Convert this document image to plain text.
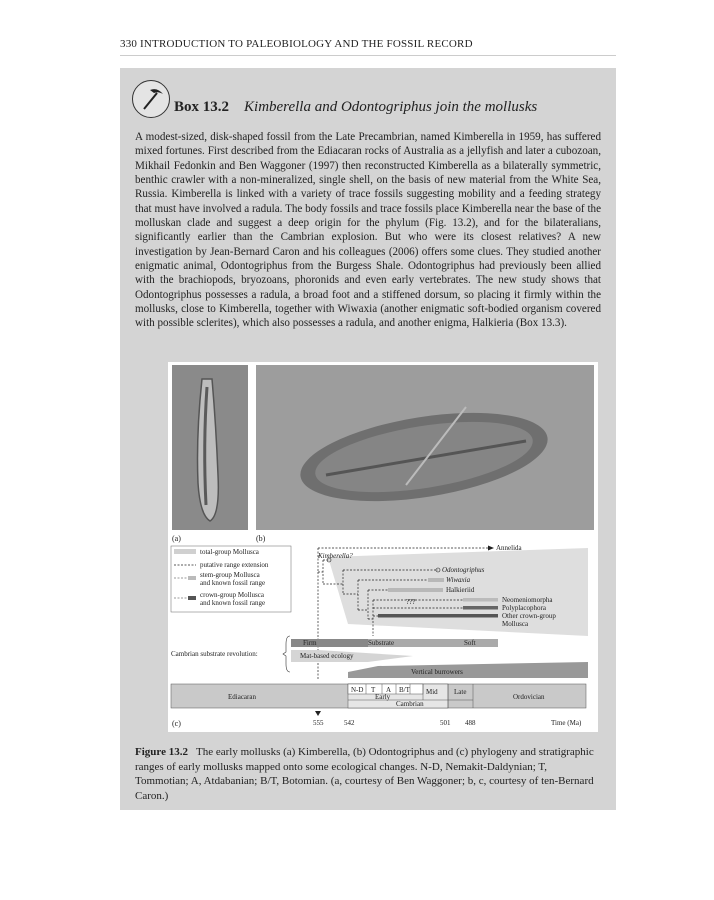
330 INTRODUCTION TO PALEOBIOLOGY AND THE FOSSIL RECORD
Box 13.2 Kimberella and Odontogriphus join the mollusks
A modest-sized, disk-shaped fossil from the Late Precambrian, named Kimberella in 1959, has suffered mixed fortunes. First described from the Ediacaran rocks of Australia as a jellyfish and later a cubozoan, Mikhail Fedonkin and Ben Waggoner (1997) then reconstructed Kimberella as a bilaterally symmetric, benthic crawler with a non-mineralized, single shell, on the basis of new material from the White Sea, Russia. Kimberella is linked with a variety of trace fossils suggesting mobility and a feeding strategy that must have involved a radula. The body fossils and trace fossils place Kimberella near the base of the molluskan clade and suggest a deep origin for the phylum (Fig. 13.2), and for the bilateralians, significantly earlier than the Cambrian explosion. But who were its closest relatives? A new investigation by Jean-Bernard Caron and his colleagues (2006) offers some clues. They studied another enigmatic animal, Odontogriphus from the Burgess Shale. Odontogriphus had previously been allied with the brachiopods, bryozoans, phoronids and even early vertebrates. The new study shows that Odontogriphus possesses a radula, a broad foot and a stiffened dorsum, so placing it firmly within the mollusks, close to Kimberella, together with Wiwaxia (another enigmatic soft-bodied organism covered with possible sclerites), which also possesses a radula, and another enigma, Halkieria (Box 13.3).
(a)	(b)
(c)
total-group Mollusca
putative range extension
stem-group Mollusca
and known fossil range
crown-group Mollusca
and known fossil range
Annelida
Kimberella?
Odontogriphus
Wiwaxia
Halkieriid
???	Neomeniomorpha
Polyplacophora
Other crown-group
Mollusca
Cambrian substrate revolution:
Firm	Substrate	Soft
Mat-based ecology
Vertical burrowers
Ediacaran
N-D T A B/T Mid Late
Early
Cambrian
Ordovician
555	542	501 488	Time (Ma)
Figure 13.2 The early mollusks (a) Kimberella, (b) Odontogriphus and (c) phylogeny and stratigraphic ranges of early mollusks mapped onto some ecological changes. N-D, Nemakit-Daldynian; T, Tommotian; A, Atdabanian; B/T, Botomian. (a, courtesy of Ben Waggoner; b, c, courtesy of ten-Bernard Caron.)
